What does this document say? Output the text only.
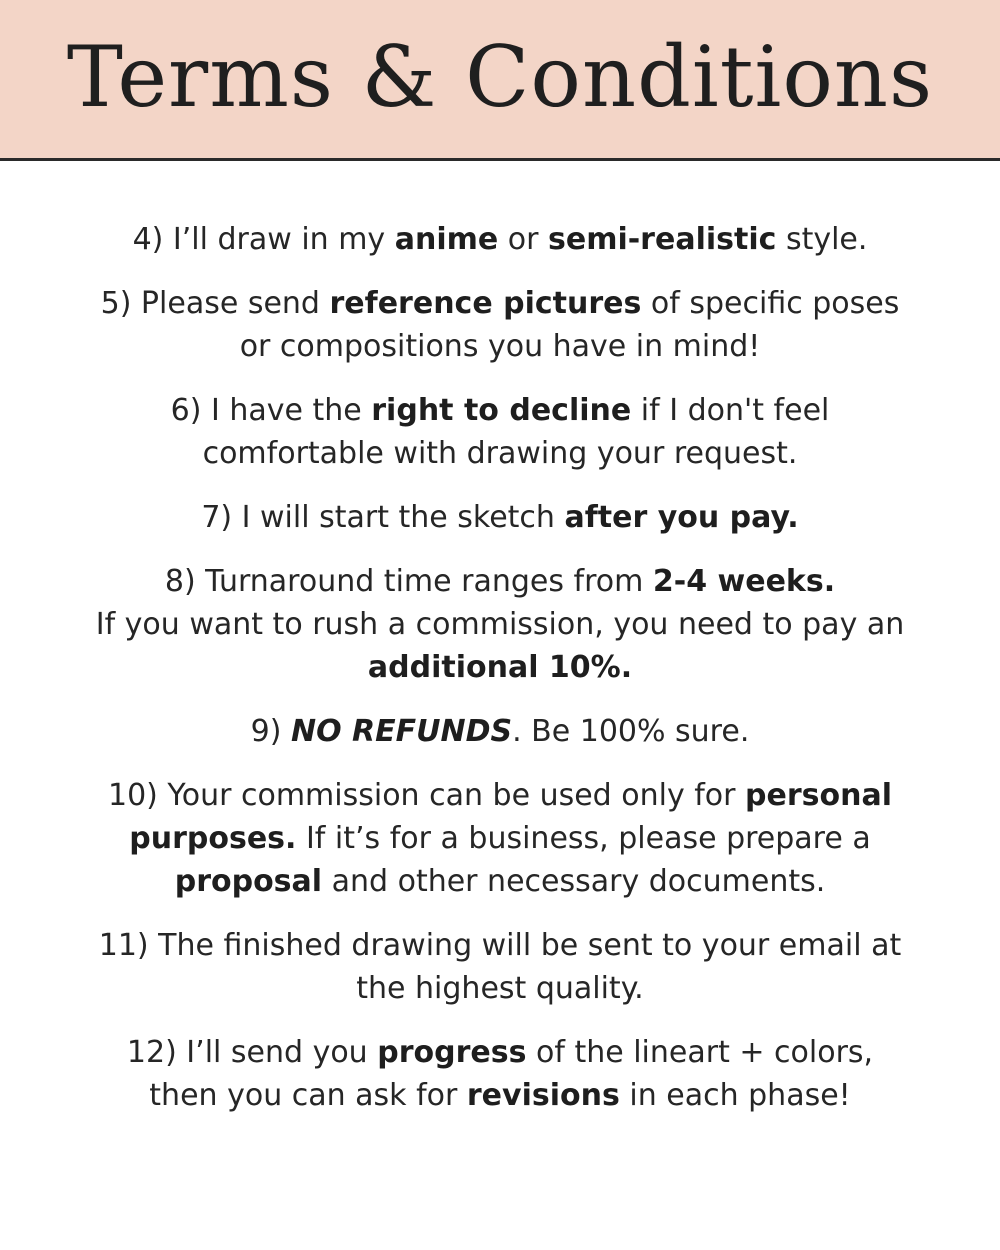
Terms & Conditions

4) I’ll draw in my anime or semi-realistic style.

5) Please send reference pictures of specific poses or compositions you have in mind!

6) I have the right to decline if I don't feel comfortable with drawing your request.

7) I will start the sketch after you pay.

8) Turnaround time ranges from 2-4 weeks.
If you want to rush a commission, you need to pay an additional 10%.

9) NO REFUNDS. Be 100% sure.

10) Your commission can be used only for personal purposes. If it’s for a business, please prepare a proposal and other necessary documents.

11) The finished drawing will be sent to your email at the highest quality.

12) I’ll send you progress of the lineart + colors, then you can ask for revisions in each phase!
